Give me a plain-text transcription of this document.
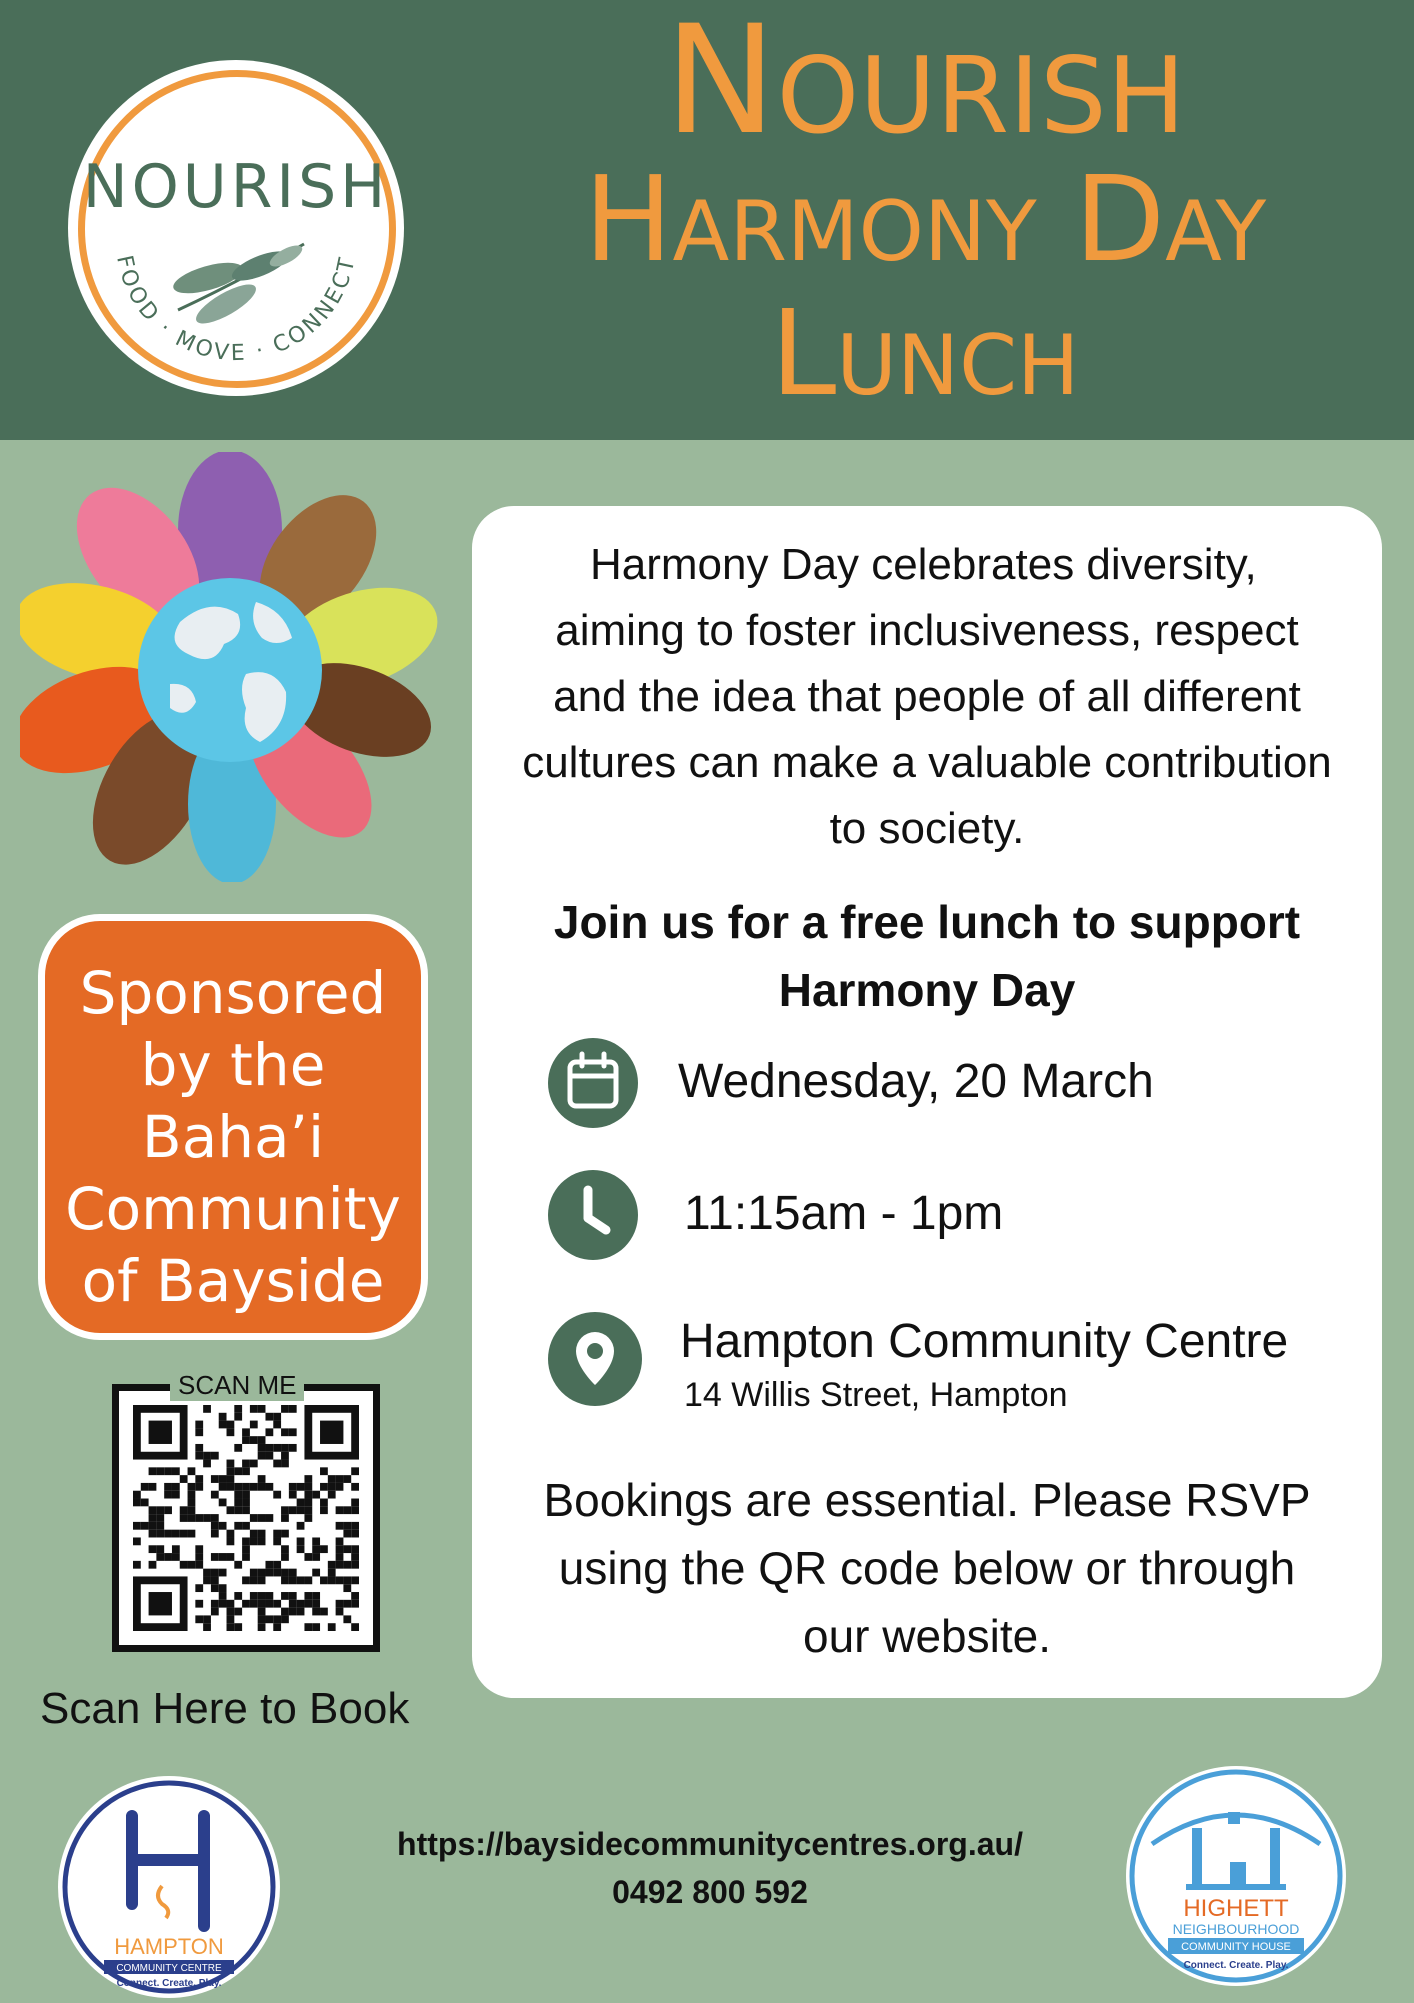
NOURISH
FOOD · MOVE · CONNECT
Nourish
Harmony Day
Lunch
Sponsored
by the
Baha’i
Community
of Bayside
SCAN ME
Scan Here to Book
Harmony Day celebrates diversity,
aiming to foster inclusiveness, respect
and the idea that people of all different
cultures can make a valuable contribution
to society.
Join us for a free lunch to support
Harmony Day
Wednesday, 20 March
11:15am - 1pm
Hampton Community Centre
14 Willis Street, Hampton
Bookings are essential. Please RSVP
using the QR code below or through
our website.
HAMPTON
COMMUNITY CENTRE
Connect. Create. Play.
https://baysidecommunitycentres.org.au/
0492 800 592	HIGHETT
NEIGHBOURHOOD
COMMUNITY HOUSE
Connect. Create. Play.
